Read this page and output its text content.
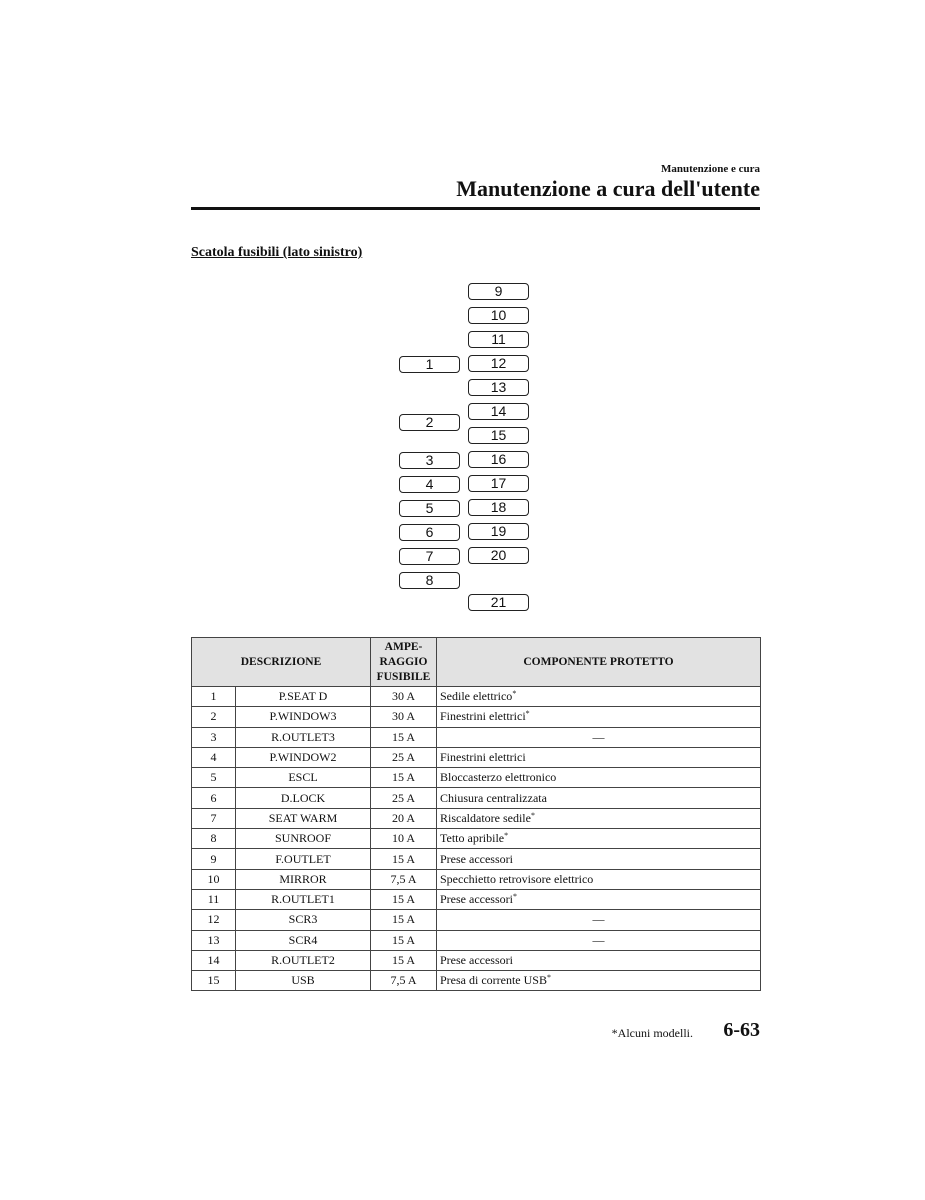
Manutenzione e cura
Manutenzione a cura dell'utente
Scatola fusibili (lato sinistro)
1
2
3
4
5
6
7
8
9
10
11
12
13
14
15
16
17
18
19
20
21
DESCRIZIONE		AMPE-
RAGGIO
FUSIBILE	COMPONENTE PROTETTO
1	P.SEAT D	30 A	Sedile elettrico*
2	P.WINDOW3	30 A	Finestrini elettrici*
3	R.OUTLET3	15 A	—
4	P.WINDOW2	25 A	Finestrini elettrici
5	ESCL	15 A	Bloccasterzo elettronico
6	D.LOCK	25 A	Chiusura centralizzata
7	SEAT WARM	20 A	Riscaldatore sedile*
8	SUNROOF	10 A	Tetto apribile*
9	F.OUTLET	15 A	Prese accessori
10	MIRROR	7,5 A	Specchietto retrovisore elettrico
11	R.OUTLET1	15 A	Prese accessori*
12	SCR3	15 A	—
13	SCR4	15 A	—
14	R.OUTLET2	15 A	Prese accessori
15	USB	7,5 A	Presa di corrente USB*
*Alcuni modelli. 6-63
